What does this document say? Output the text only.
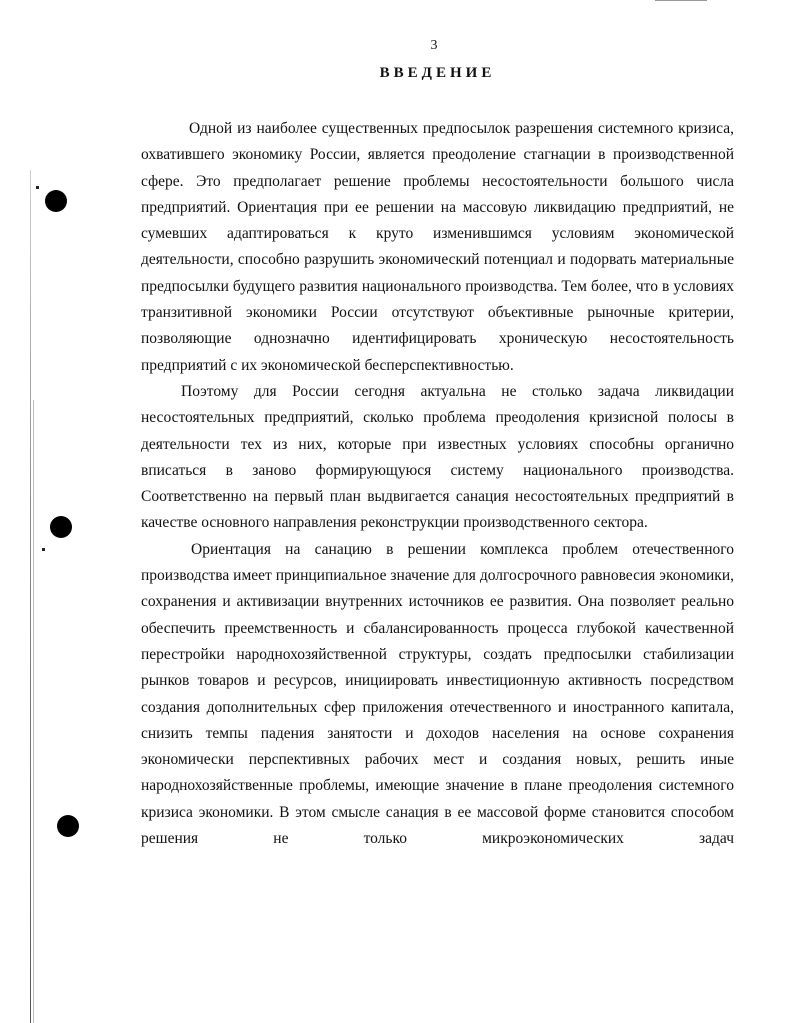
3
ВВЕДЕНИЕ

Одной из наиболее существенных предпосылок разрешения системного кризиса, охватившего экономику России, является преодоление стагнации в производственной сфере. Это предполагает решение проблемы несостоятельности большого числа предприятий. Ориентация при ее решении на массовую ликвидацию предприятий, не сумевших адаптироваться к круто изменившимся условиям экономической деятельности, способно разрушить экономический потенциал и подорвать материальные предпосылки будущего развития национального производства. Тем более, что в условиях транзитивной экономики России отсутствуют объективные рыночные критерии, позволяющие однозначно идентифицировать хроническую несостоятельность предприятий с их экономической бесперспективностью.

Поэтому для России сегодня актуальна не столько задача ликвидации несостоятельных предприятий, сколько проблема преодоления кризисной полосы в деятельности тех из них, которые при известных условиях способны органично вписаться в заново формирующуюся систему национального производства. Соответственно на первый план выдвигается санация несостоятельных предприятий в качестве основного направления реконструкции производственного сектора.

Ориентация на санацию в решении комплекса проблем отечественного производства имеет принципиальное значение для долгосрочного равновесия экономики, сохранения и активизации внутренних источников ее развития. Она позволяет реально обеспечить преемственность и сбалансированность процесса глубокой качественной перестройки народнохозяйственной структуры, создать предпосылки стабилизации рынков товаров и ресурсов, инициировать инвестиционную активность посредством создания дополнительных сфер приложения отечественного и иностранного капитала, снизить темпы падения занятости и доходов населения на основе сохранения экономически перспективных рабочих мест и создания новых, решить иные народнохозяйственные проблемы, имеющие значение в плане преодоления системного кризиса экономики. В этом смысле санация в ее массовой форме становится способом решения не только микроэкономических задач
